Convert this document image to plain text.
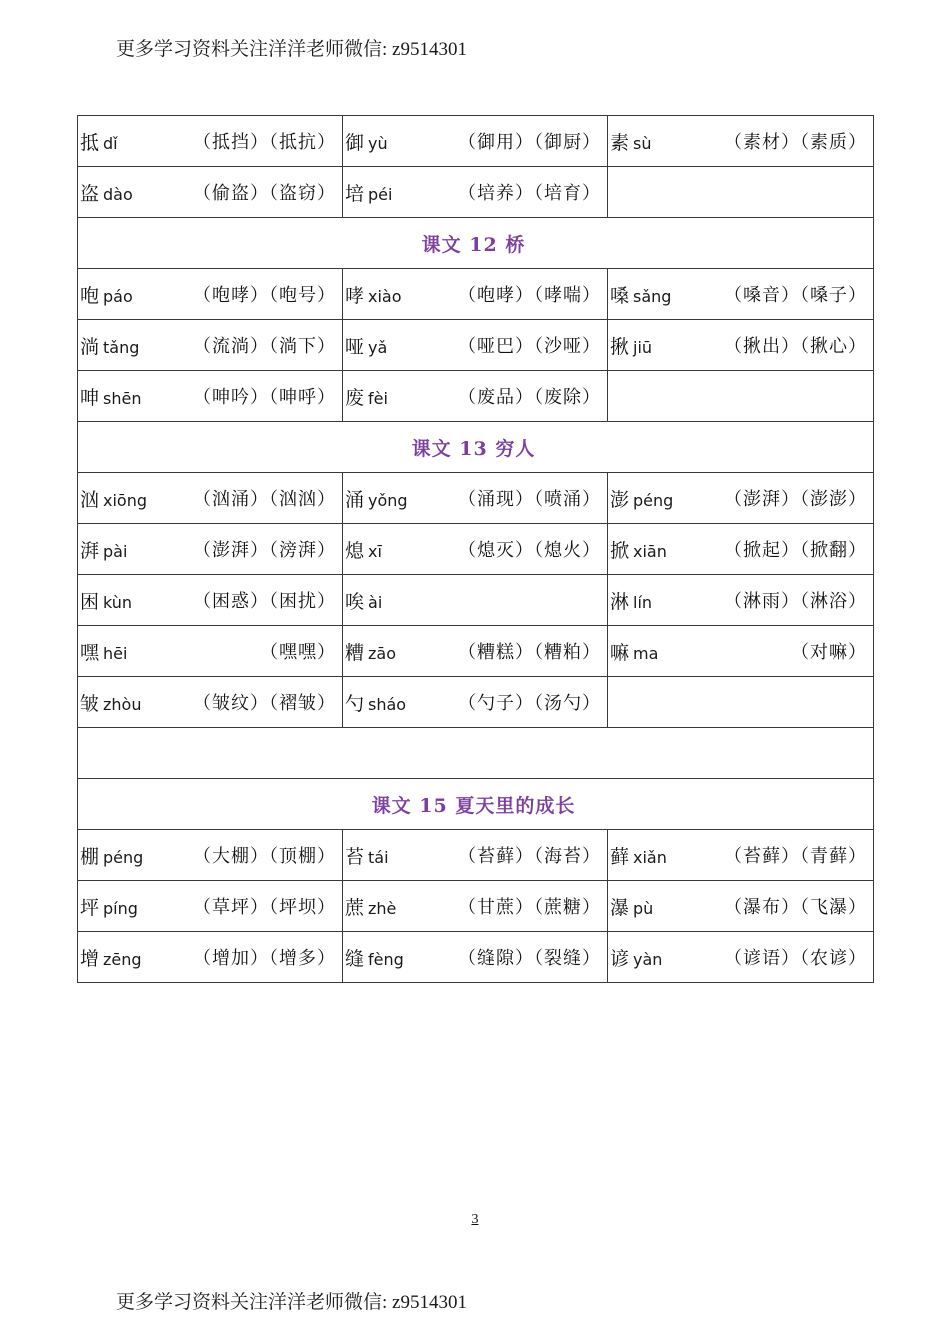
更多学习资料关注洋洋老师微信: z9514301
抵 dǐ （抵挡）（抵抗）	御 yù （御用）（御厨）	素 sù （素材）（素质）

盗 dào （偷盗）（盗窃）	培 péi （培养）（培育）	

课文 12 桥		

咆 páo （咆哮）（咆号）	哮 xiào （咆哮）（哮喘）	嗓 sǎng （嗓音）（嗓子）

淌 tǎng （流淌）（淌下）	哑 yǎ （哑巴）（沙哑）	揪 jiū （揪出）（揪心）

呻 shēn （呻吟）（呻呼）	废 fèi （废品）（废除）	

课文 13 穷人		

汹 xiōng （汹涌）（汹汹）	涌 yǒng （涌现）（喷涌）	澎 péng （澎湃）（澎澎）

湃 pài （澎湃）（滂湃）	熄 xī （熄灭）（熄火）	掀 xiān （掀起）（掀翻）

困 kùn （困惑）（困扰）	唉 ài	淋 lín （淋雨）（淋浴）

嘿 hēi （嘿嘿）	糟 zāo （糟糕）（糟粕）	嘛 ma （对嘛）

皱 zhòu （皱纹）（褶皱）	勺 sháo （勺子）（汤勺）	

课文 15 夏天里的成长		

棚 péng （大棚）（顶棚）	苔 tái （苔藓）（海苔）	藓 xiǎn （苔藓）（青藓）

坪 píng （草坪）（坪坝）	蔗 zhè （甘蔗）（蔗糖）	瀑 pù （瀑布）（飞瀑）

增 zēng （增加）（增多）	缝 fèng （缝隙）（裂缝）	谚 yàn （谚语）（农谚）
3
更多学习资料关注洋洋老师微信: z9514301
